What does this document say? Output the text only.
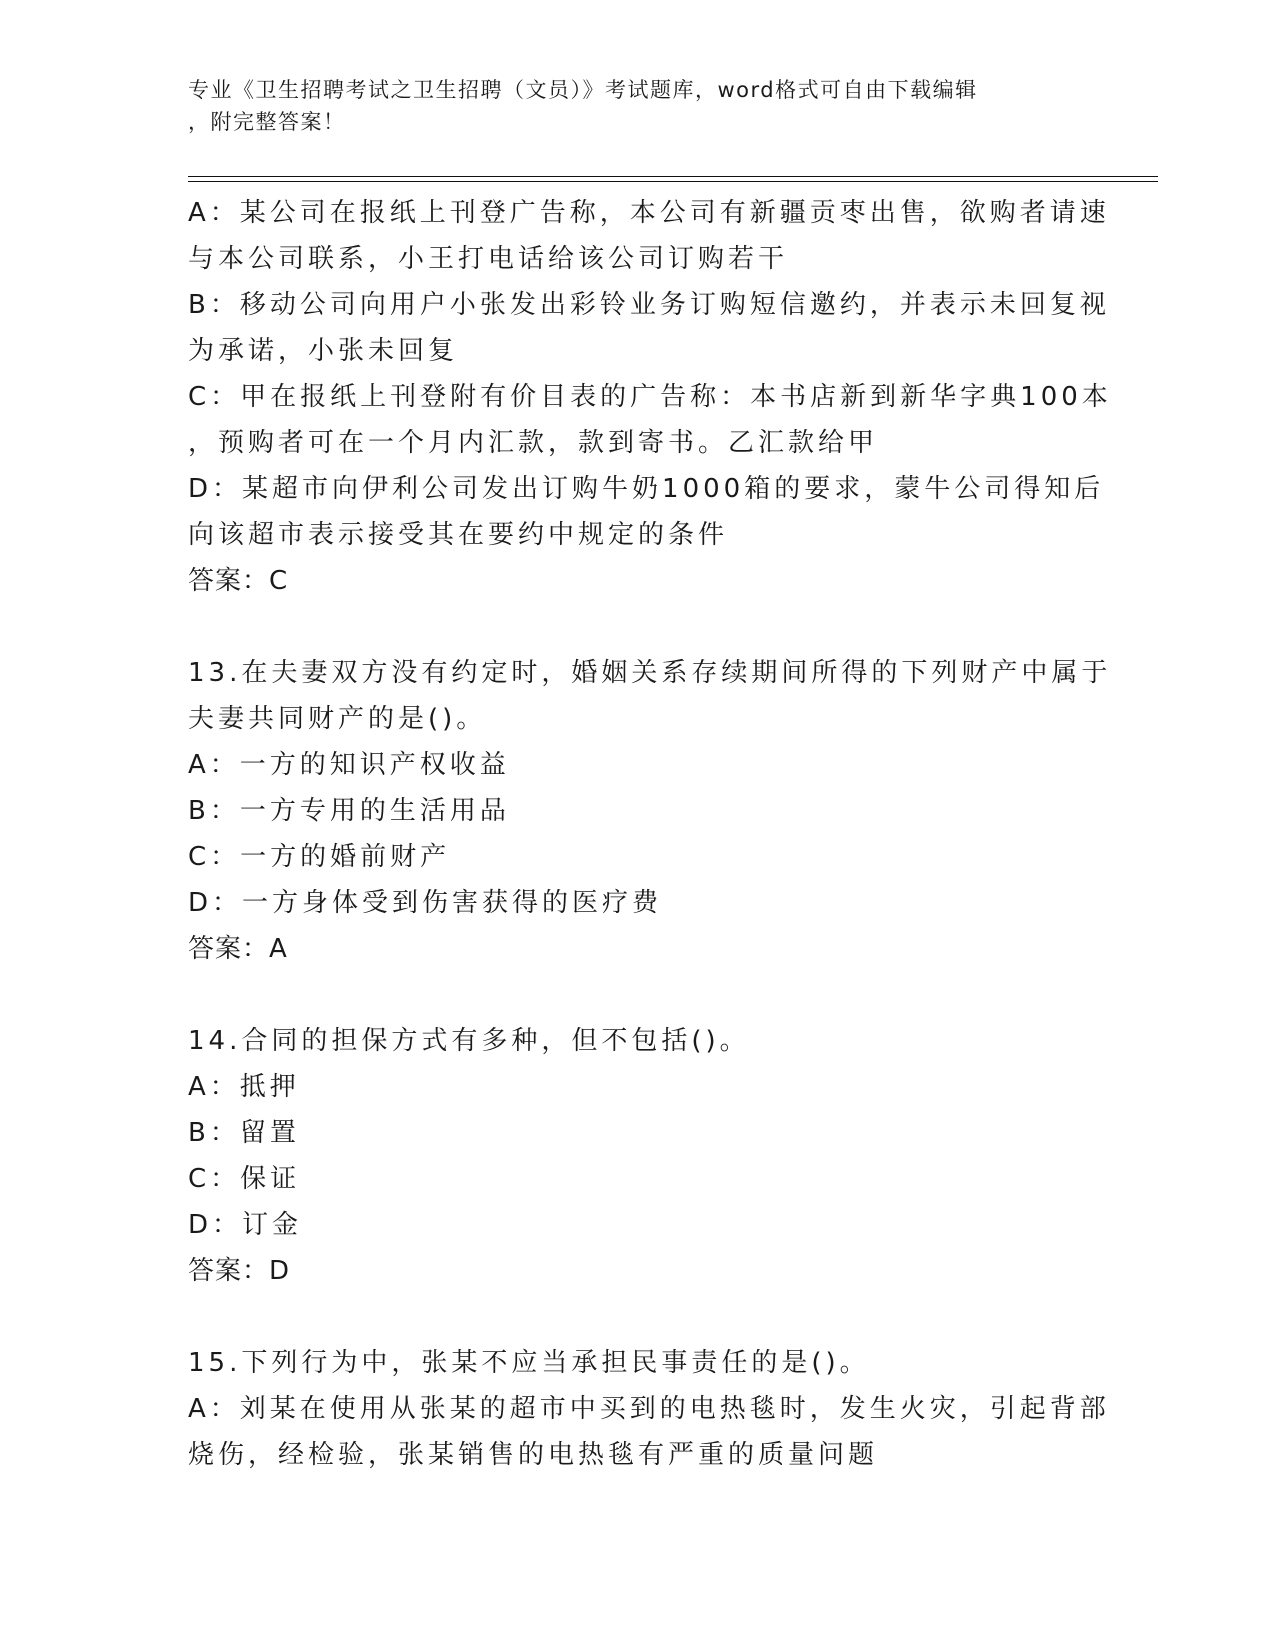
专业《卫生招聘考试之卫生招聘（文员）》考试题库，word格式可自由下载编辑
，附完整答案！
A：某公司在报纸上刊登广告称，本公司有新疆贡枣出售，欲购者请速
与本公司联系，小王打电话给该公司订购若干
B：移动公司向用户小张发出彩铃业务订购短信邀约，并表示未回复视
为承诺，小张未回复
C：甲在报纸上刊登附有价目表的广告称：本书店新到新华字典100本
，预购者可在一个月内汇款，款到寄书。乙汇款给甲
D：某超市向伊利公司发出订购牛奶1000箱的要求，蒙牛公司得知后
向该超市表示接受其在要约中规定的条件
答案：C
13.在夫妻双方没有约定时，婚姻关系存续期间所得的下列财产中属于
夫妻共同财产的是()。
A：一方的知识产权收益
B：一方专用的生活用品
C：一方的婚前财产
D：一方身体受到伤害获得的医疗费
答案：A
14.合同的担保方式有多种，但不包括()。
A：抵押
B：留置
C：保证
D：订金
答案：D
15.下列行为中，张某不应当承担民事责任的是()。
A：刘某在使用从张某的超市中买到的电热毯时，发生火灾，引起背部
烧伤，经检验，张某销售的电热毯有严重的质量问题
